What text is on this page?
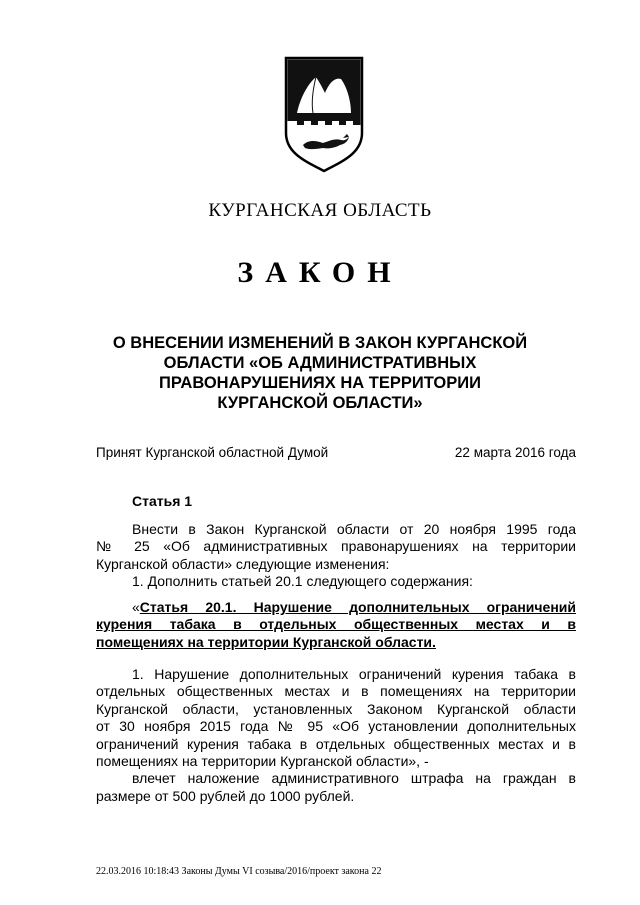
КУРГАНСКАЯ ОБЛАСТЬ
ЗАКОН
О ВНЕСЕНИИ ИЗМЕНЕНИЙ В ЗАКОН КУРГАНСКОЙ
ОБЛАСТИ «ОБ АДМИНИСТРАТИВНЫХ
ПРАВОНАРУШЕНИЯХ НА ТЕРРИТОРИИ
КУРГАНСКОЙ ОБЛАСТИ»
Принят Курганской областной Думой	22 марта 2016 года
Статья 1
Внести в Закон Курганской области от 20 ноября 1995 года
№ 25 «Об административных правонарушениях на территории
Курганской области» следующие изменения:
1. Дополнить статьей 20.1 следующего содержания:
«Статья 20.1. Нарушение дополнительных ограничений
курения табака в отдельных общественных местах и в
помещениях на территории Курганской области.
1. Нарушение дополнительных ограничений курения табака в
отдельных общественных местах и в помещениях на территории
Курганской области, установленных Законом Курганской области
от 30 ноября 2015 года № 95 «Об установлении дополнительных
ограничений курения табака в отдельных общественных местах и в
помещениях на территории Курганской области», -
влечет наложение административного штрафа на граждан в
размере от 500 рублей до 1000 рублей.
22.03.2016 10:18:43 Законы Думы VI созыва/2016/проект закона 22
